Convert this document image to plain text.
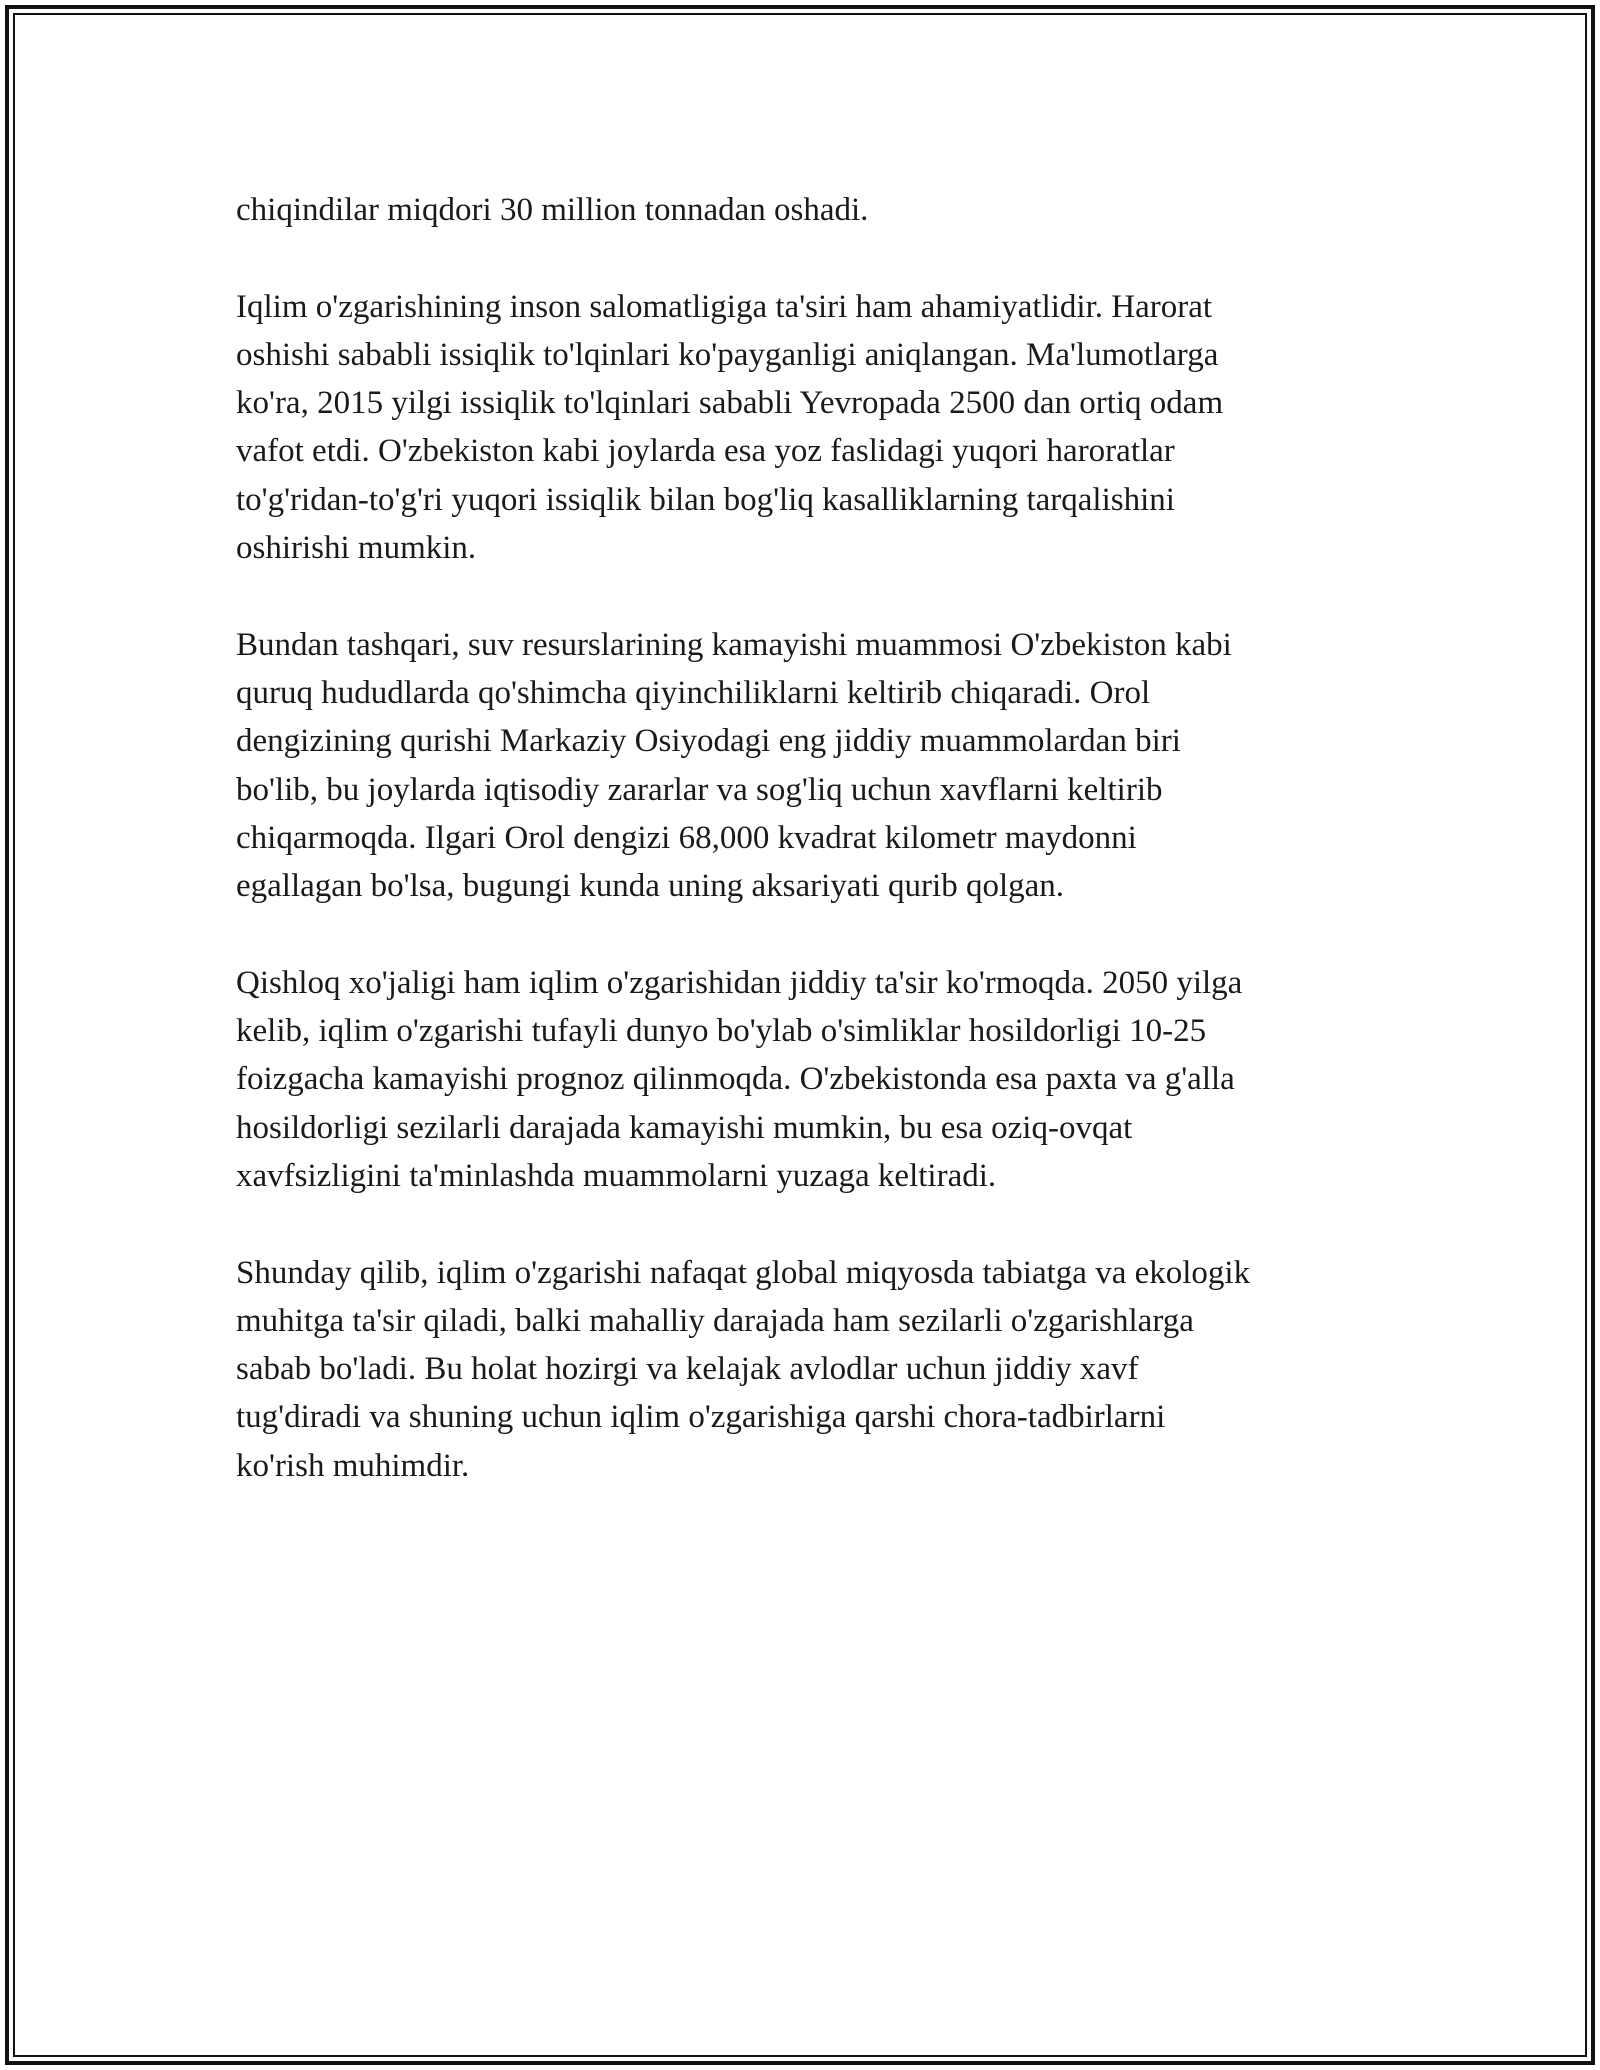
chiqindilar miqdori 30 million tonnadan oshadi.

Iqlim o'zgarishining inson salomatligiga ta'siri ham ahamiyatlidir. Harorat
oshishi sababli issiqlik to'lqinlari ko'payganligi aniqlangan. Ma'lumotlarga
ko'ra, 2015 yilgi issiqlik to'lqinlari sababli Yevropada 2500 dan ortiq odam
vafot etdi. O'zbekiston kabi joylarda esa yoz faslidagi yuqori haroratlar
to'g'ridan-to'g'ri yuqori issiqlik bilan bog'liq kasalliklarning tarqalishini
oshirishi mumkin.

Bundan tashqari, suv resurslarining kamayishi muammosi O'zbekiston kabi
quruq hududlarda qo'shimcha qiyinchiliklarni keltirib chiqaradi. Orol
dengizining qurishi Markaziy Osiyodagi eng jiddiy muammolardan biri
bo'lib, bu joylarda iqtisodiy zararlar va sog'liq uchun xavflarni keltirib
chiqarmoqda. Ilgari Orol dengizi 68,000 kvadrat kilometr maydonni
egallagan bo'lsa, bugungi kunda uning aksariyati qurib qolgan.

Qishloq xo'jaligi ham iqlim o'zgarishidan jiddiy ta'sir ko'rmoqda. 2050 yilga
kelib, iqlim o'zgarishi tufayli dunyo bo'ylab o'simliklar hosildorligi 10-25
foizgacha kamayishi prognoz qilinmoqda. O'zbekistonda esa paxta va g'alla
hosildorligi sezilarli darajada kamayishi mumkin, bu esa oziq-ovqat
xavfsizligini ta'minlashda muammolarni yuzaga keltiradi.

Shunday qilib, iqlim o'zgarishi nafaqat global miqyosda tabiatga va ekologik
muhitga ta'sir qiladi, balki mahalliy darajada ham sezilarli o'zgarishlarga
sabab bo'ladi. Bu holat hozirgi va kelajak avlodlar uchun jiddiy xavf
tug'diradi va shuning uchun iqlim o'zgarishiga qarshi chora-tadbirlarni
ko'rish muhimdir.
